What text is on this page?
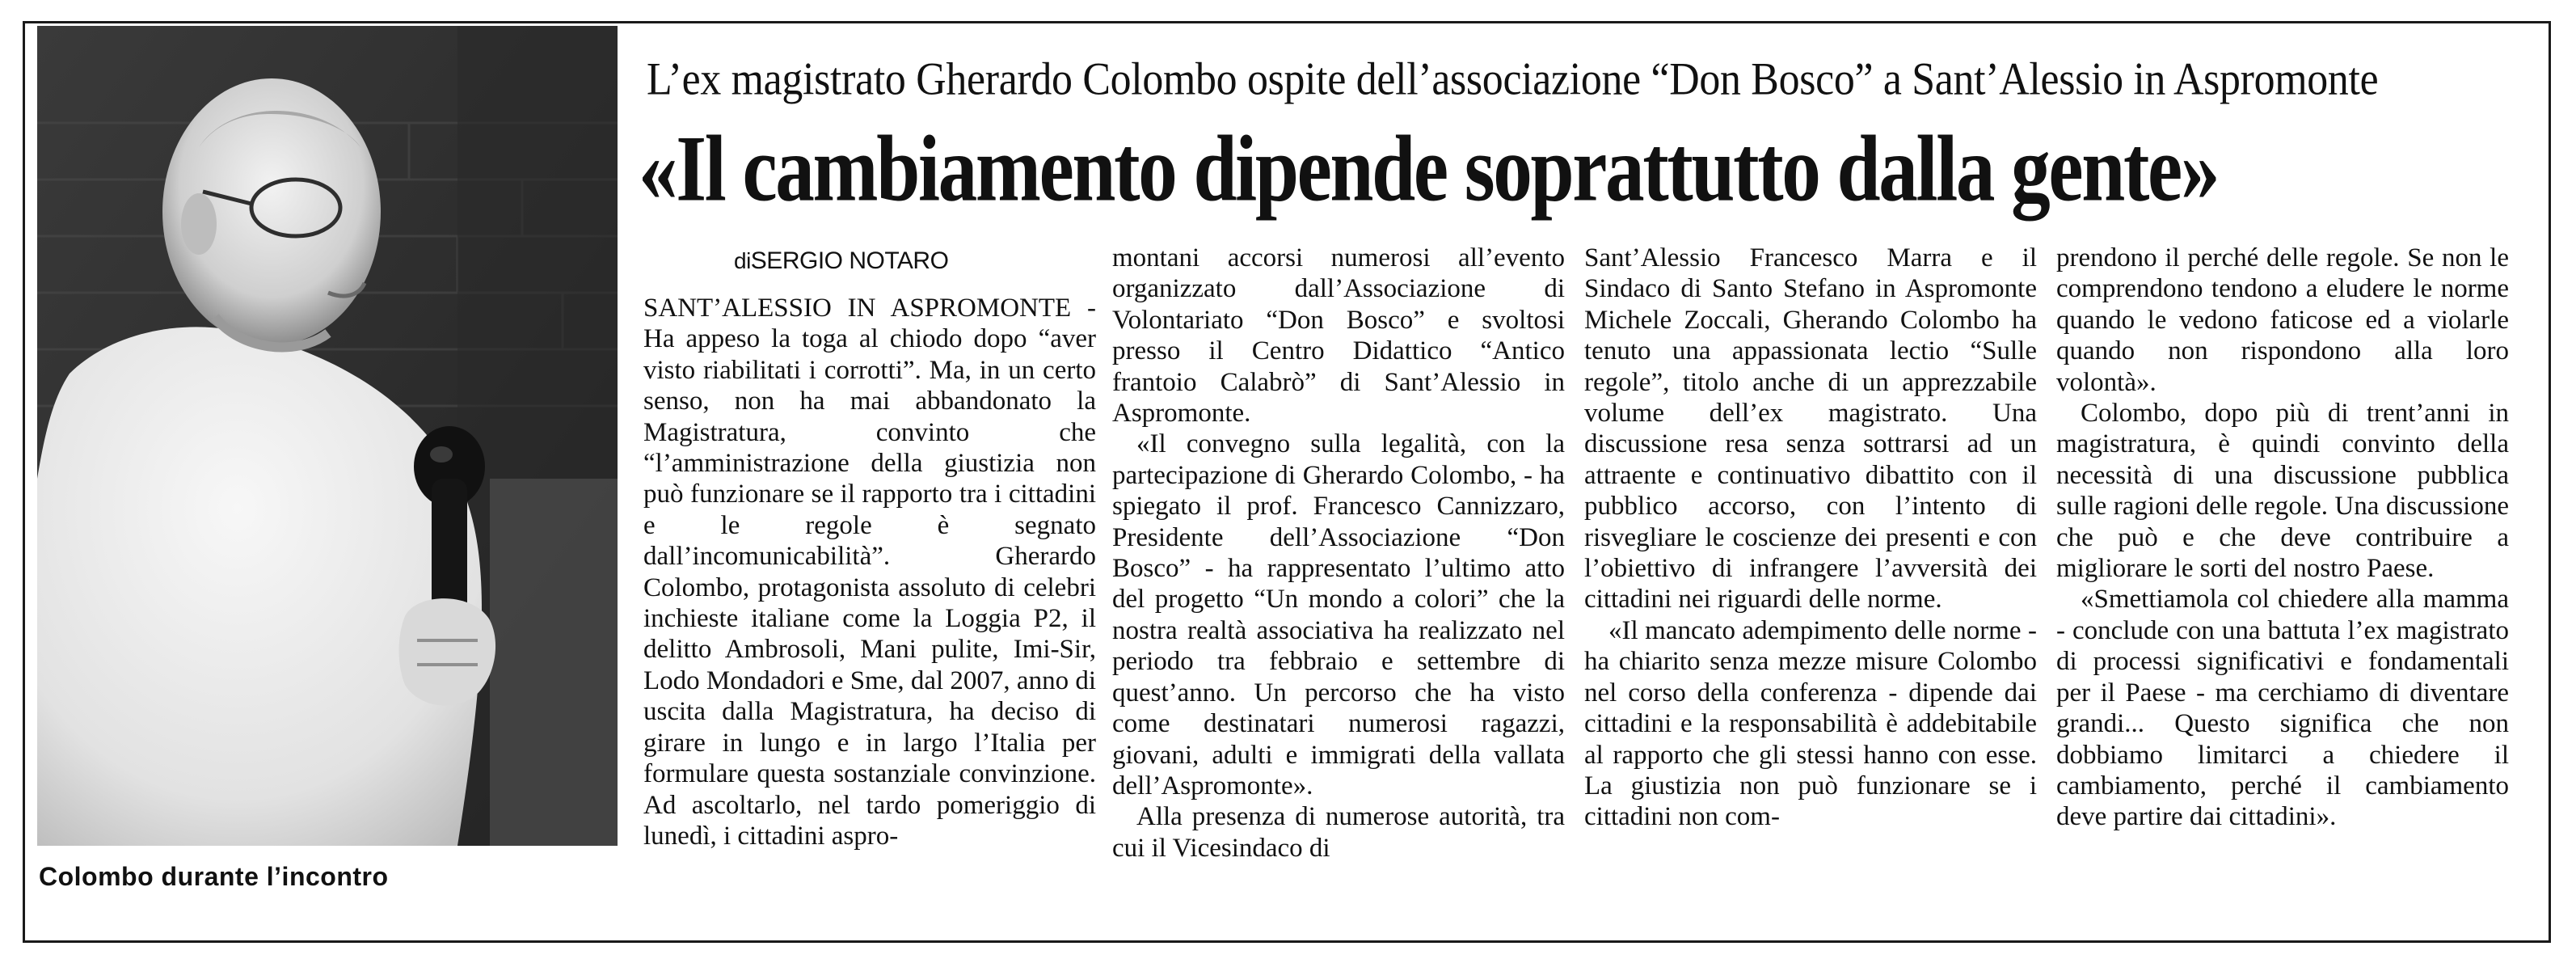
Colombo durante l’incontro
L’ex magistrato Gherardo Colombo ospite dell’associazione “Don Bosco” a Sant’Alessio in Aspromonte
«Il cambiamento dipende soprattutto dalla gente»
diSERGIO NOTARO

SANT’ALESSIO IN ASPROMONTE - Ha appeso la toga al chiodo dopo “aver visto riabilitati i corrotti”. Ma, in un certo senso, non ha mai abbandonato la Magistratura, convinto che “l’amministrazione della giustizia non può funzionare se il rapporto tra i cittadini e le regole è segnato dall’incomunicabilità”. Gherardo Colombo, protagonista assoluto di celebri inchieste italiane come la Loggia P2, il delitto Ambrosoli, Mani pulite, Imi-Sir, Lodo Mondadori e Sme, dal 2007, anno di uscita dalla Magistratura, ha deciso di girare in lungo e in largo l’Italia per formulare questa sostanziale convinzione. Ad ascoltarlo, nel tardo pomeriggio di lunedì, i cittadini aspro-

montani accorsi numerosi all’evento organizzato dall’Associazione di Volontariato “Don Bosco” e svoltosi presso il Centro Didattico “Antico frantoio Calabrò” di Sant’Alessio in Aspromonte.

«Il convegno sulla legalità, con la partecipazione di Gherardo Colombo, - ha spiegato il prof. Francesco Cannizzaro, Presidente dell’Associazione “Don Bosco” - ha rappresentato l’ultimo atto del progetto “Un mondo a colori” che la nostra realtà associativa ha realizzato nel periodo tra febbraio e settembre di quest’anno. Un percorso che ha visto come destinatari numerosi ragazzi, giovani, adulti e immigrati della vallata dell’Aspromonte».

Alla presenza di numerose autorità, tra cui il Vicesindaco di

Sant’Alessio Francesco Marra e il Sindaco di Santo Stefano in Aspromonte Michele Zoccali, Gherando Colombo ha tenuto una appassionata lectio “Sulle regole”, titolo anche di un apprezzabile volume dell’ex magistrato. Una discussione resa senza sottrarsi ad un attraente e continuativo dibattito con il pubblico accorso, con l’intento di risvegliare le coscienze dei presenti e con l’obiettivo di infrangere l’avversità dei cittadini nei riguardi delle norme.

«Il mancato adempimento delle norme - ha chiarito senza mezze misure Colombo nel corso della conferenza - dipende dai cittadini e la responsabilità è addebitabile al rapporto che gli stessi hanno con esse. La giustizia non può funzionare se i cittadini non com-

prendono il perché delle regole. Se non le comprendono tendono a eludere le norme quando le vedono faticose ed a violarle quando non rispondono alla loro volontà».

Colombo, dopo più di trent’anni in magistratura, è quindi convinto della necessità di una discussione pubblica sulle ragioni delle regole. Una discussione che può e che deve contribuire a migliorare le sorti del nostro Paese.

«Smettiamola col chiedere alla mamma - conclude con una battuta l’ex magistrato di processi significativi e fondamentali per il Paese - ma cerchiamo di diventare grandi... Questo significa che non dobbiamo limitarci a chiedere il cambiamento, perché il cambiamento deve partire dai cittadini».
